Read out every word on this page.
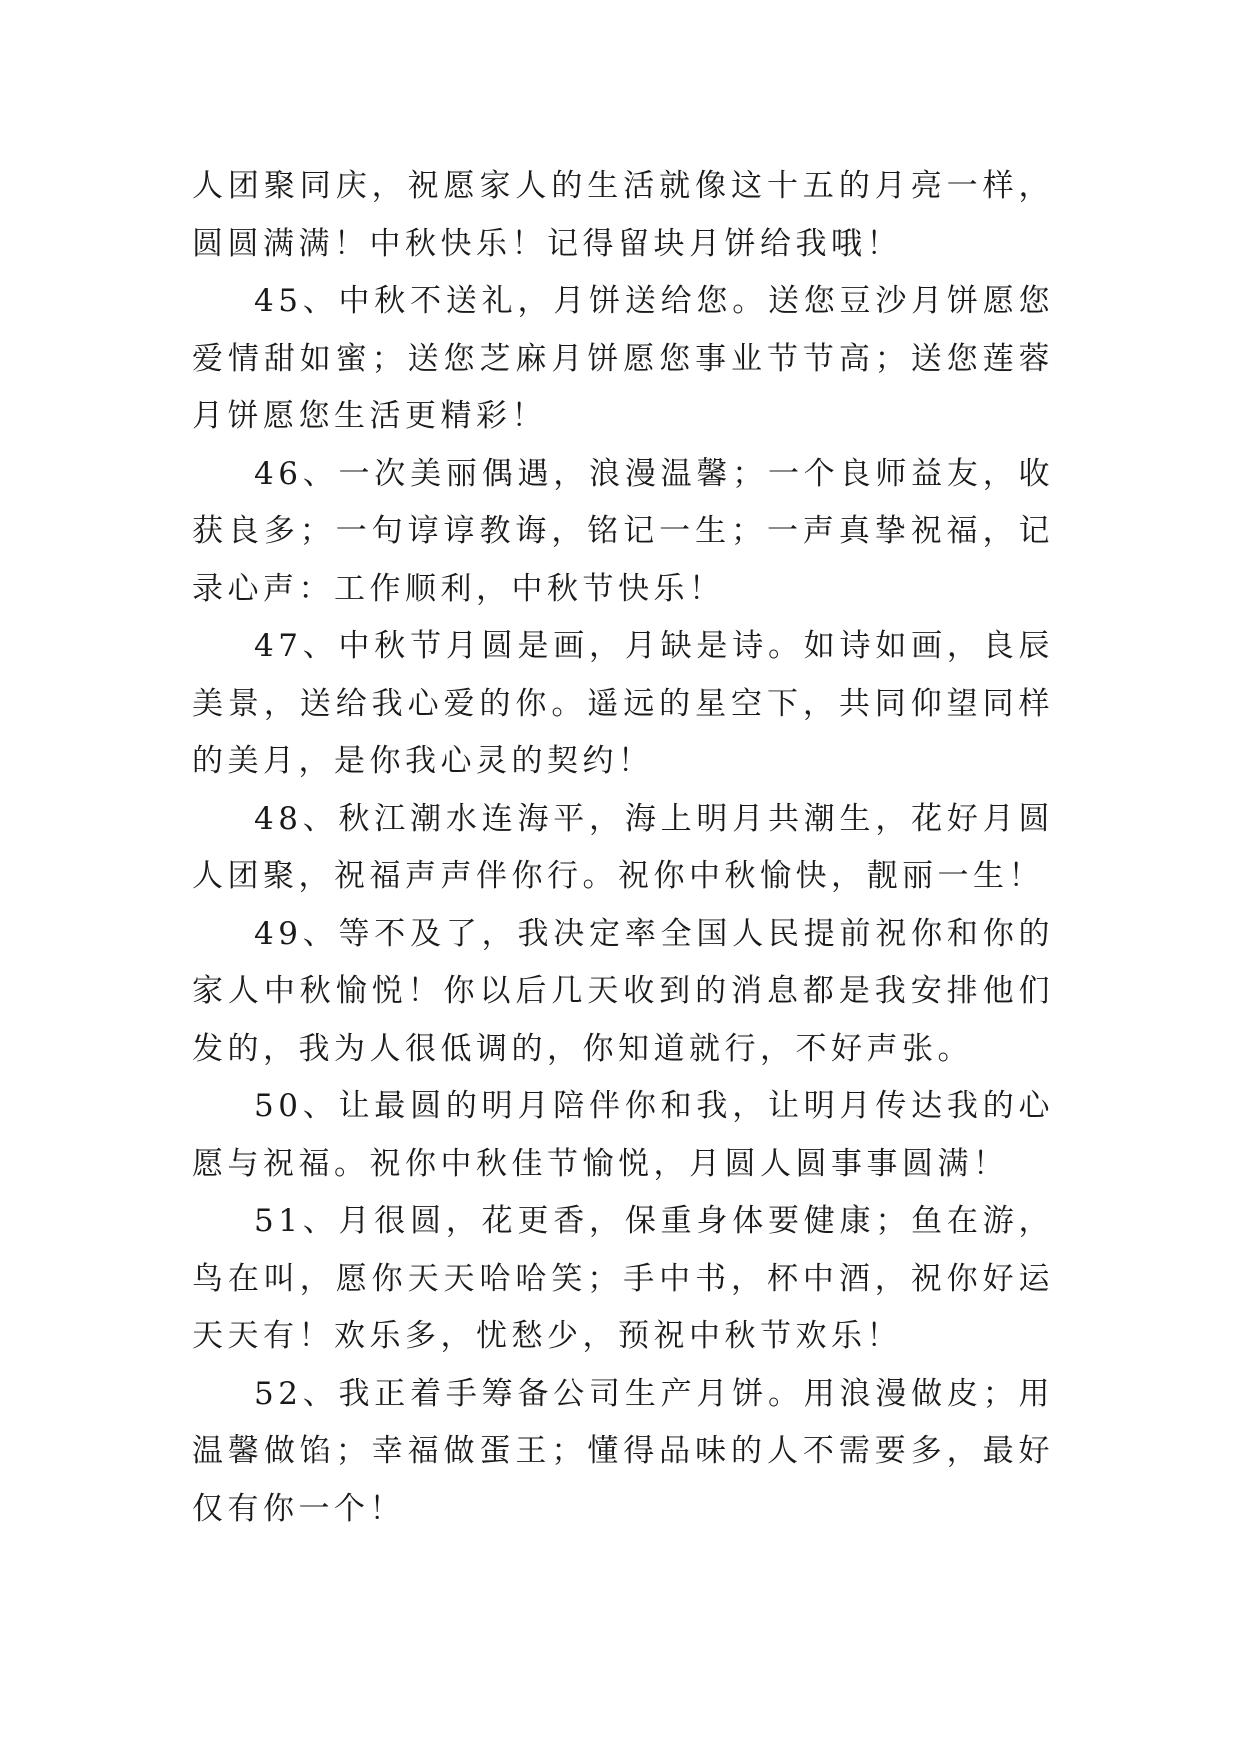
人团聚同庆，祝愿家人的生活就像这十五的月亮一样，圆圆满满！中秋快乐！记得留块月饼给我哦！

45、中秋不送礼，月饼送给您。送您豆沙月饼愿您爱情甜如蜜；送您芝麻月饼愿您事业节节高；送您莲蓉月饼愿您生活更精彩！

46、一次美丽偶遇，浪漫温馨；一个良师益友，收获良多；一句谆谆教诲，铭记一生；一声真挚祝福，记录心声：工作顺利，中秋节快乐！

47、中秋节月圆是画，月缺是诗。如诗如画，良辰美景，送给我心爱的你。遥远的星空下，共同仰望同样的美月，是你我心灵的契约！

48、秋江潮水连海平，海上明月共潮生，花好月圆人团聚，祝福声声伴你行。祝你中秋愉快，靓丽一生！

49、等不及了，我决定率全国人民提前祝你和你的家人中秋愉悦！你以后几天收到的消息都是我安排他们发的，我为人很低调的，你知道就行，不好声张。

50、让最圆的明月陪伴你和我，让明月传达我的心愿与祝福。祝你中秋佳节愉悦，月圆人圆事事圆满！

51、月很圆，花更香，保重身体要健康；鱼在游，鸟在叫，愿你天天哈哈笑；手中书，杯中酒，祝你好运天天有！欢乐多，忧愁少，预祝中秋节欢乐！

52、我正着手筹备公司生产月饼。用浪漫做皮；用温馨做馅；幸福做蛋王；懂得品味的人不需要多，最好仅有你一个！
